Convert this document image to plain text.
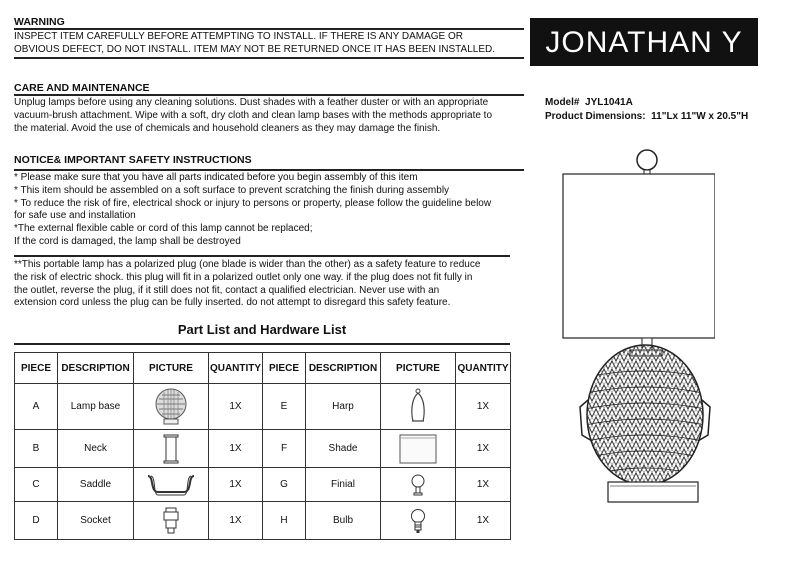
WARNING
INSPECT ITEM CAREFULLY BEFORE ATTEMPTING TO INSTALL. IF THERE IS ANY DAMAGE OR
OBVIOUS DEFECT, DO NOT INSTALL. ITEM MAY NOT BE RETURNED ONCE IT HAS BEEN INSTALLED.	JONATHAN Y
Model# JYL1041A
Product Dimensions: 11"Lx 11"W x 20.5"H
CARE AND MAINTENANCE
Unplug lamps before using any cleaning solutions. Dust shades with a feather duster or with an appropriate
vacuum-brush attachment. Wipe with a soft, dry cloth and clean lamp bases with the methods appropriate to
the material. Avoid the use of chemicals and household cleaners as they may damage the finish.
NOTICE& IMPORTANT SAFETY INSTRUCTIONS
* Please make sure that you have all parts indicated before you begin assembly of this item
* This item should be assembled on a soft surface to prevent scratching the finish during assembly
* To reduce the risk of fire, electrical shock or injury to persons or property, please follow the guideline below
for safe use and installation
*The external flexible cable or cord of this lamp cannot be replaced;
If the cord is damaged, the lamp shall be destroyed
**This portable lamp has a polarized plug (one blade is wider than the other) as a safety feature to reduce
the risk of electric shock. this plug will fit in a polarized outlet only one way. if the plug does not fit fully in
the outlet, reverse the plug, if it still does not fit, contact a qualified electrician. Never use with an
extension cord unless the plug can be fully inserted. do not attempt to disregard this safety feature.
Part List and Hardware List
PIECE	DESCRIPTION	PICTURE	QUANTITY	PIECE	DESCRIPTION	PICTURE	QUANTITY
A	Lamp base		1X	E	Harp		1X
B	Neck		1X	F	Shade		1X
C	Saddle		1X	G	Finial		1X
D	Socket		1X	H	Bulb		1X
